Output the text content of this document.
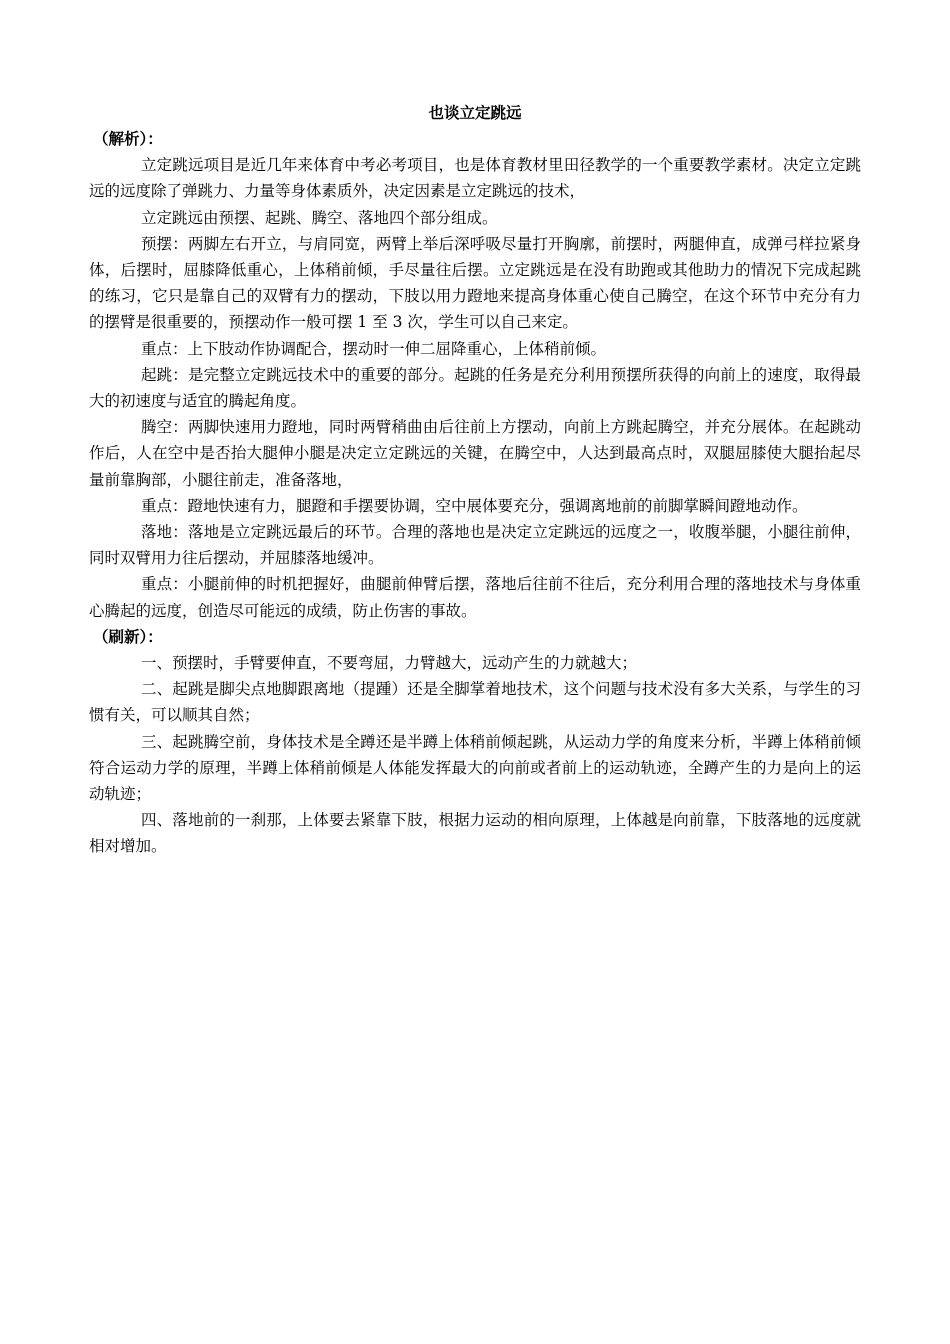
也谈立定跳远
（解析）：

立定跳远项目是近几年来体育中考必考项目，也是体育教材里田径教学的一个重要教学素材。决定立定跳远的远度除了弹跳力、力量等身体素质外，决定因素是立定跳远的技术，

立定跳远由预摆、起跳、腾空、落地四个部分组成。

预摆：两脚左右开立，与肩同宽，两臂上举后深呼吸尽量打开胸廓，前摆时，两腿伸直，成弹弓样拉紧身体，后摆时，屈膝降低重心，上体稍前倾，手尽量往后摆。立定跳远是在没有助跑或其他助力的情况下完成起跳的练习，它只是靠自己的双臂有力的摆动，下肢以用力蹬地来提高身体重心使自己腾空，在这个环节中充分有力的摆臂是很重要的，预摆动作一般可摆 1 至 3 次，学生可以自己来定。

重点：上下肢动作协调配合，摆动时一伸二屈降重心，上体稍前倾。

起跳：是完整立定跳远技术中的重要的部分。起跳的任务是充分利用预摆所获得的向前上的速度，取得最大的初速度与适宜的腾起角度。

腾空：两脚快速用力蹬地，同时两臂稍曲由后往前上方摆动，向前上方跳起腾空，并充分展体。在起跳动作后，人在空中是否抬大腿伸小腿是决定立定跳远的关键，在腾空中，人达到最高点时，双腿屈膝使大腿抬起尽量前靠胸部，小腿往前走，准备落地，

重点：蹬地快速有力，腿蹬和手摆要协调，空中展体要充分，强调离地前的前脚掌瞬间蹬地动作。

落地：落地是立定跳远最后的环节。合理的落地也是决定立定跳远的远度之一，收腹举腿，小腿往前伸，同时双臂用力往后摆动，并屈膝落地缓冲。

重点：小腿前伸的时机把握好，曲腿前伸臂后摆，落地后往前不往后，充分利用合理的落地技术与身体重心腾起的远度，创造尽可能远的成绩，防止伤害的事故。

（刷新）：

一、预摆时，手臂要伸直，不要弯屈，力臂越大，远动产生的力就越大；

二、起跳是脚尖点地脚跟离地（提踵）还是全脚掌着地技术，这个问题与技术没有多大关系，与学生的习惯有关，可以顺其自然；

三、起跳腾空前，身体技术是全蹲还是半蹲上体稍前倾起跳，从运动力学的角度来分析，半蹲上体稍前倾符合运动力学的原理，半蹲上体稍前倾是人体能发挥最大的向前或者前上的运动轨迹，全蹲产生的力是向上的运动轨迹；

四、落地前的一刹那，上体要去紧靠下肢，根据力运动的相向原理，上体越是向前靠，下肢落地的远度就相对增加。
